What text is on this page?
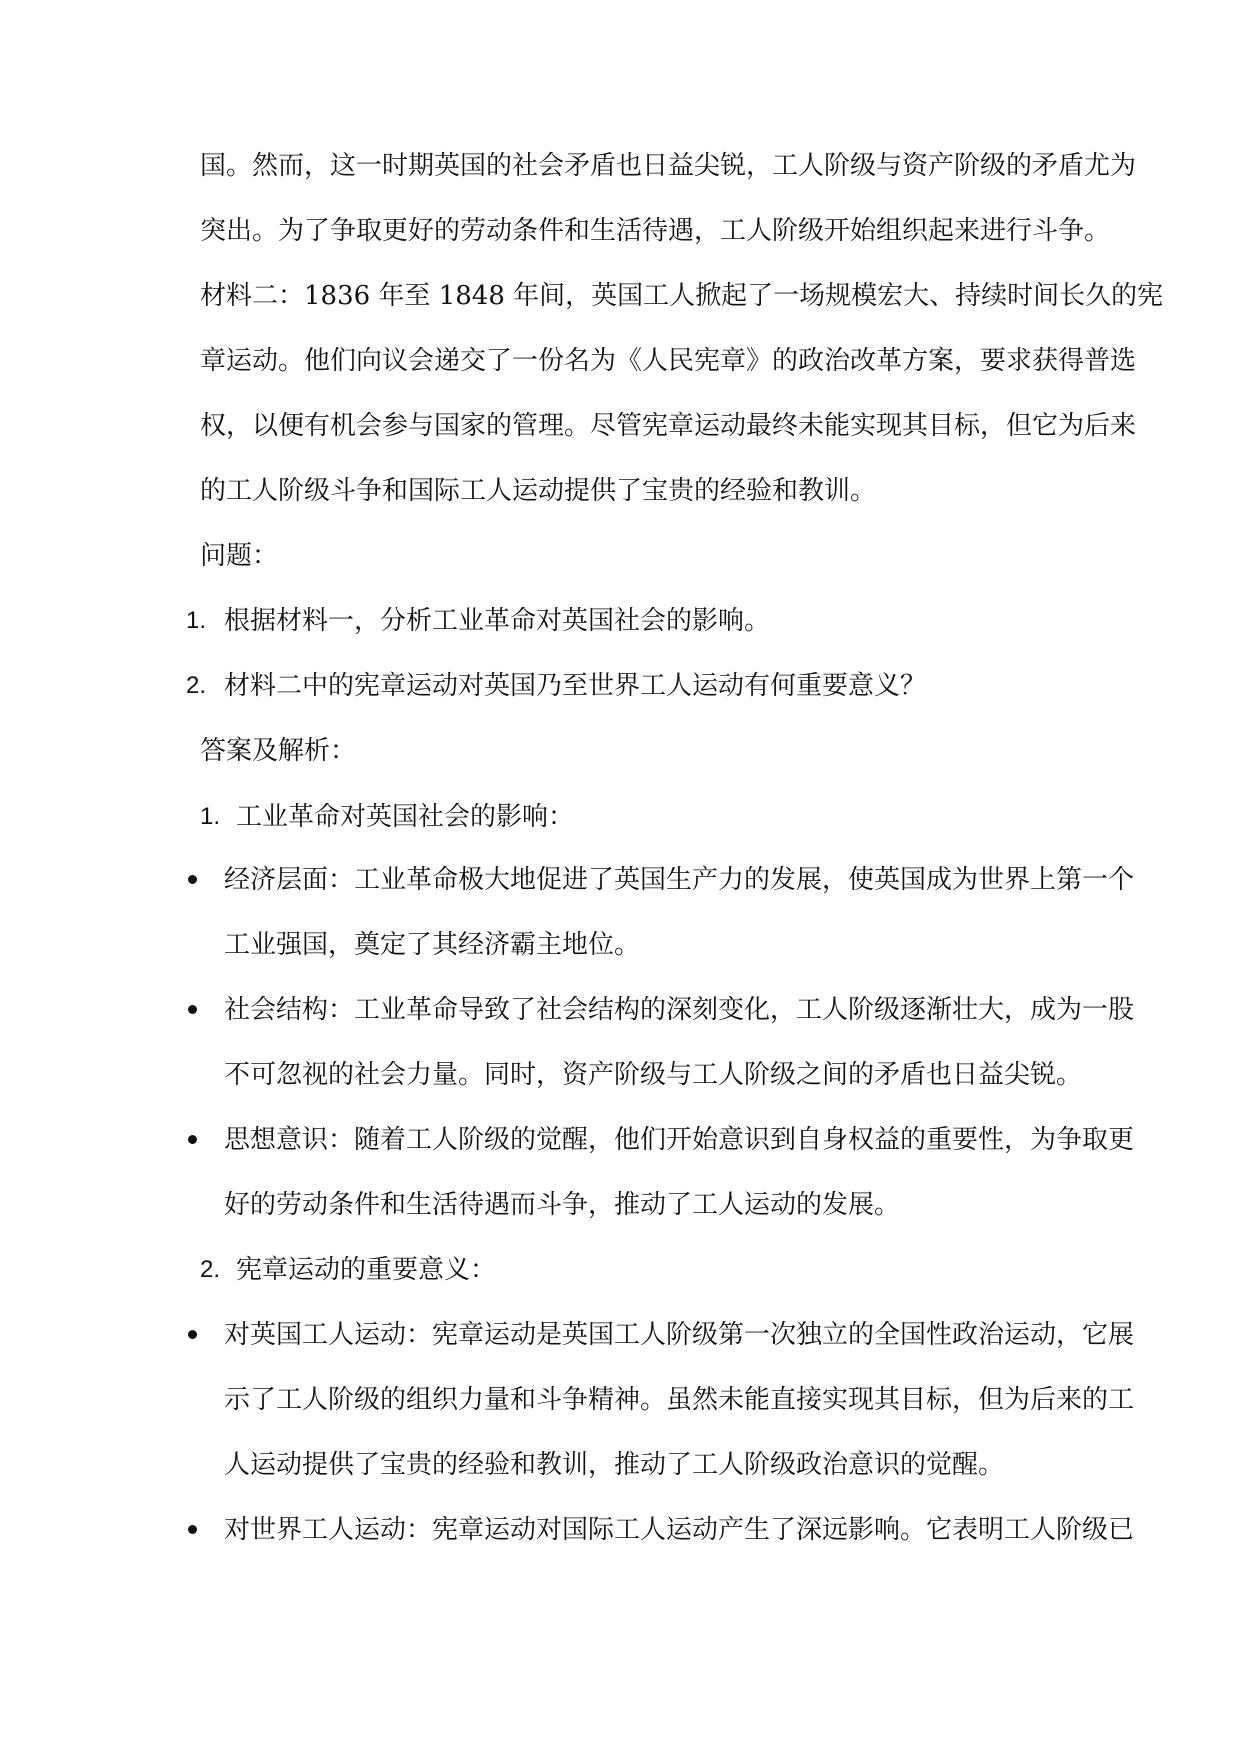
国。然而，这一时期英国的社会矛盾也日益尖锐，工人阶级与资产阶级的矛盾尤为

突出。为了争取更好的劳动条件和生活待遇，工人阶级开始组织起来进行斗争。

材料二：1836 年至 1848 年间，英国工人掀起了一场规模宏大、持续时间长久的宪

章运动。他们向议会递交了一份名为《人民宪章》的政治改革方案，要求获得普选

权，以便有机会参与国家的管理。尽管宪章运动最终未能实现其目标，但它为后来

的工人阶级斗争和国际工人运动提供了宝贵的经验和教训。

问题：

1. 根据材料一，分析工业革命对英国社会的影响。

2. 材料二中的宪章运动对英国乃至世界工人运动有何重要意义？

答案及解析：

1. 工业革命对英国社会的影响：

经济层面：工业革命极大地促进了英国生产力的发展，使英国成为世界上第一个

工业强国，奠定了其经济霸主地位。

社会结构：工业革命导致了社会结构的深刻变化，工人阶级逐渐壮大，成为一股

不可忽视的社会力量。同时，资产阶级与工人阶级之间的矛盾也日益尖锐。

思想意识：随着工人阶级的觉醒，他们开始意识到自身权益的重要性，为争取更

好的劳动条件和生活待遇而斗争，推动了工人运动的发展。

2. 宪章运动的重要意义：

对英国工人运动：宪章运动是英国工人阶级第一次独立的全国性政治运动，它展

示了工人阶级的组织力量和斗争精神。虽然未能直接实现其目标，但为后来的工

人运动提供了宝贵的经验和教训，推动了工人阶级政治意识的觉醒。

对世界工人运动：宪章运动对国际工人运动产生了深远影响。它表明工人阶级已
